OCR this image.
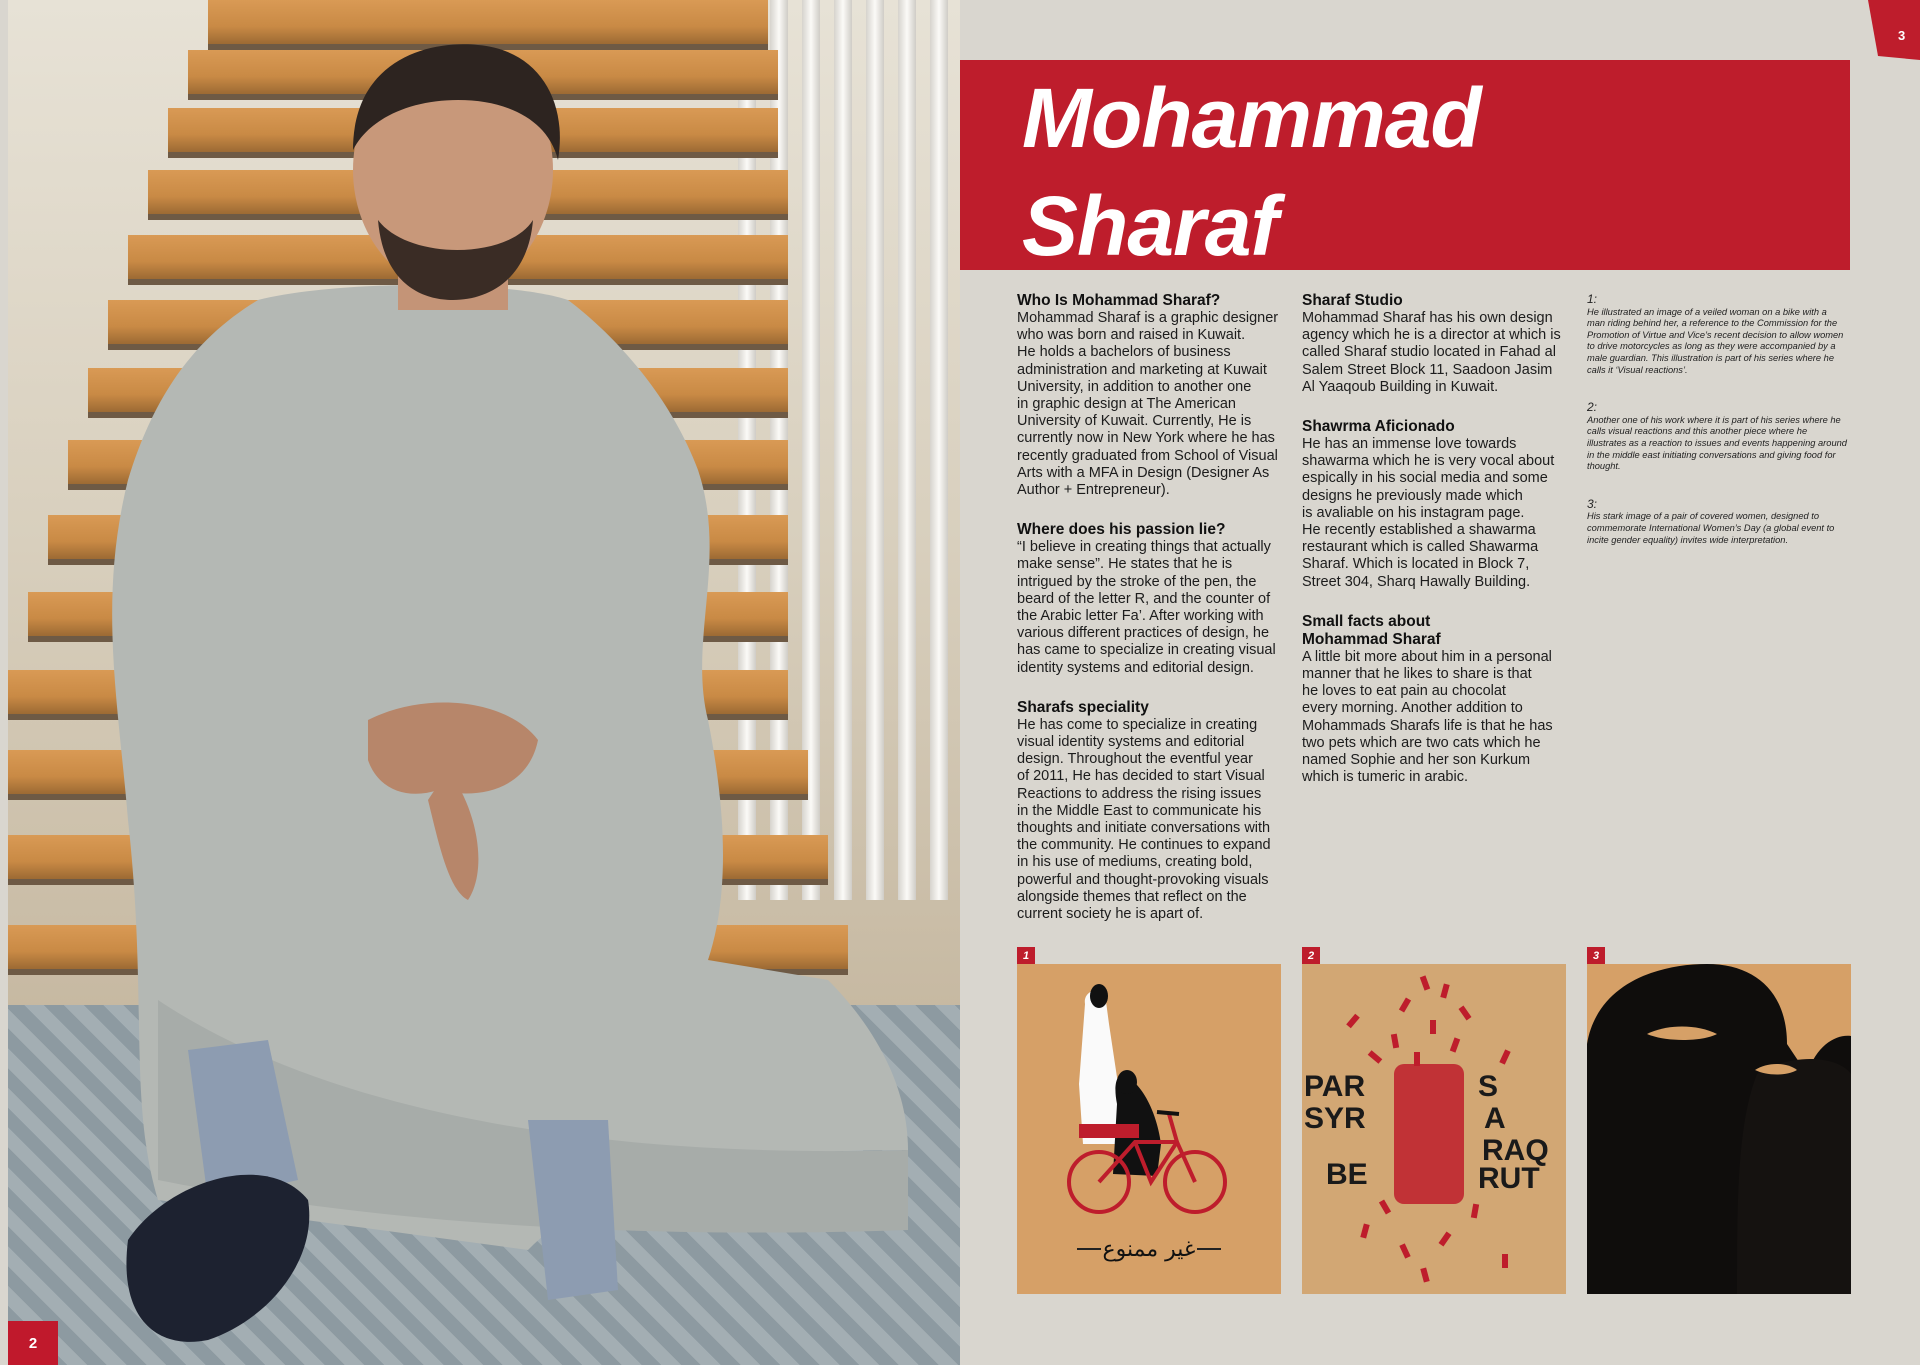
2
3
Mohammad
Sharaf
Who Is Mohammad Sharaf?

Mohammad Sharaf is a graphic designer
who was born and raised in Kuwait.
He holds a bachelors of business
administration and marketing at Kuwait
University, in addition to another one
in graphic design at The American
University of Kuwait. Currently, He is
currently now in New York where he has
recently graduated from School of Visual
Arts with a MFA in Design (Designer As
Author + Entrepreneur).

Where does his passion lie?

“I believe in creating things that actually
make sense”. He states that he is
intrigued by the stroke of the pen, the
beard of the letter R, and the counter of
the Arabic letter Fa’. After working with
various different practices of design, he
has came to specialize in creating visual
identity systems and editorial design.

Sharafs speciality

He has come to specialize in creating
visual identity systems and editorial
design. Throughout the eventful year
of 2011, He has decided to start Visual
Reactions to address the rising issues
in the Middle East to communicate his
thoughts and initiate conversations with
the community. He continues to expand
in his use of mediums, creating bold,
powerful and thought-provoking visuals
alongside themes that reflect on the
current society he is apart of.

Sharaf Studio

Mohammad Sharaf has his own design
agency which he is a director at which is
called Sharaf studio located in Fahad al
Salem Street Block 11, Saadoon Jasim
Al Yaaqoub Building in Kuwait.

Shawrma Aficionado

He has an immense love towards
shawarma which he is very vocal about
espically in his social media and some
designs he previously made which
is avaliable on his instagram page.
He recently established a shawarma
restaurant which is called Shawarma
Sharaf. Which is located in Block 7,
Street 304, Sharq Hawally Building.

Small facts about
Mohammad Sharaf

A little bit more about him in a personal
manner that he likes to share is that
he loves to eat pain au chocolat
every morning. Another addition to
Mohammads Sharafs life is that he has
two pets which are two cats which he
named Sophie and her son Kurkum
which is tumeric in arabic.

1:
He illustrated an image of a veiled woman on a bike with a man riding behind her, a reference to the Commission for the Promotion of Virtue and Vice’s recent decision to allow women to drive motorcycles as long as they were accompanied by a male guardian. This illustration is part of his series where he calls it ‘Visual reactions’.

2:
Another one of his work where it is part of his series where he calls visual reactions and this another piece where he illustrates as a reaction to issues and events happening around in the middle east initiating conversations and giving food for thought.

3:
His stark image of a pair of covered women, designed to commemorate International Women’s Day (a global event to incite gender equality) invites wide interpretation.

1
غير ممنوع
2
PAR
SYR
BE
S
A
RAQ
RUT
3
